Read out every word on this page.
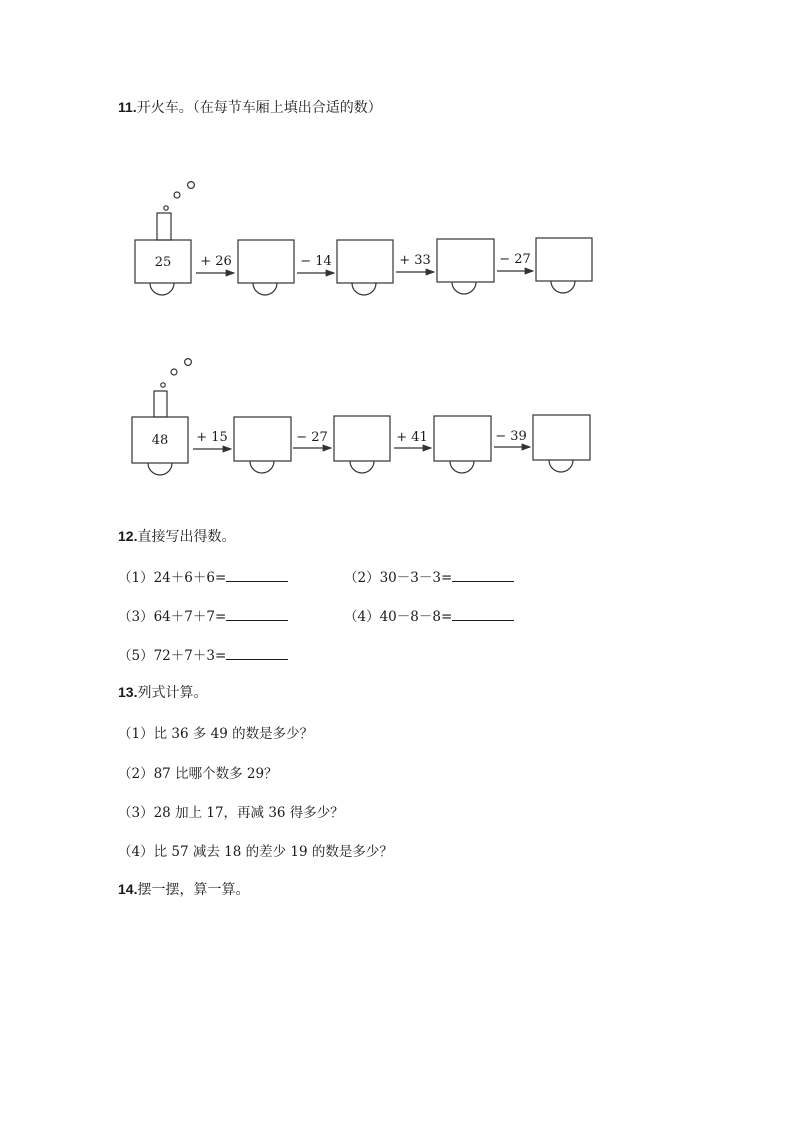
11.开火车。（在每节车厢上填出合适的数）
25 + 26	− 14	+ 33	− 27
48 + 15	− 27	+ 41	− 39
12.直接写出得数。
（1）24＋6＋6=	（2）30－3－3=
（3）64＋7＋7=	（4）40－8－8=
（5）72＋7＋3=
13.列式计算。
（1）比 36 多 49 的数是多少？
（2）87 比哪个数多 29？
（3）28 加上 17，再减 36 得多少？
（4）比 57 减去 18 的差少 19 的数是多少？
14.摆一摆，算一算。
